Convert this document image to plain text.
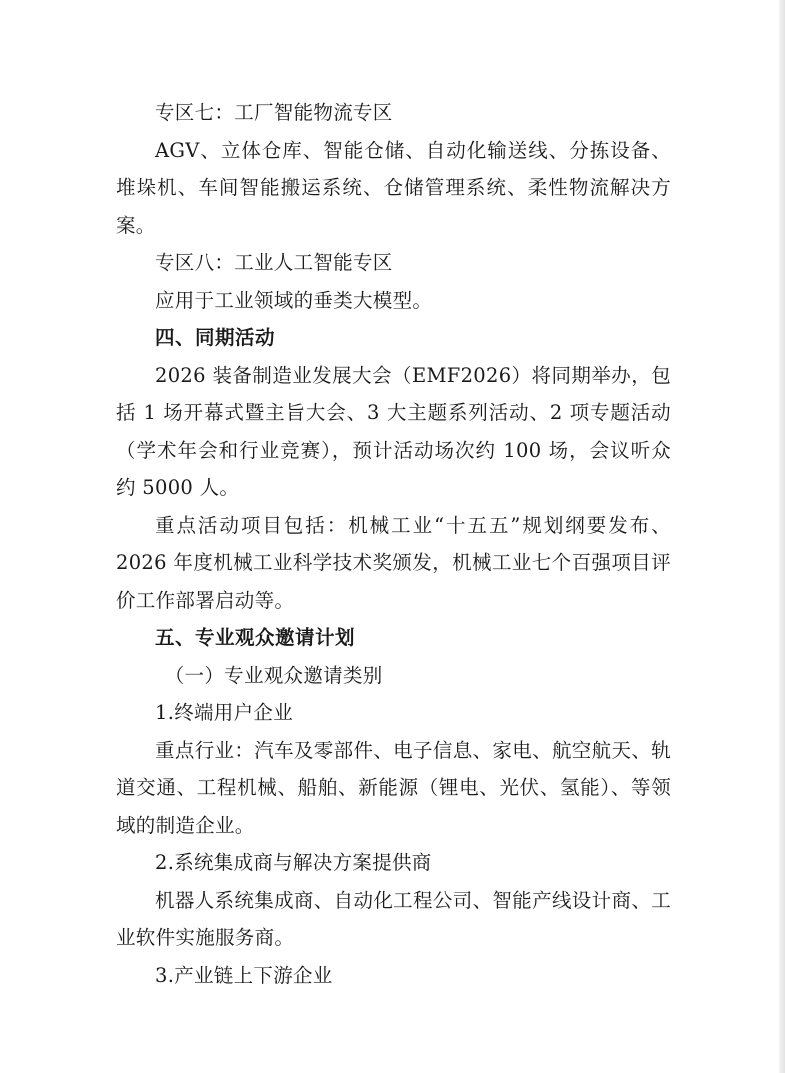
专区七：工厂智能物流专区

AGV、立体仓库、智能仓储、自动化输送线、分拣设备、堆垛机、车间智能搬运系统、仓储管理系统、柔性物流解决方案。

专区八：工业人工智能专区

应用于工业领域的垂类大模型。

四、同期活动

2026 装备制造业发展大会（EMF2026）将同期举办，包括 1 场开幕式暨主旨大会、3 大主题系列活动、2 项专题活动（学术年会和行业竞赛），预计活动场次约 100 场，会议听众约 5000 人。

重点活动项目包括：机械工业“十五五”规划纲要发布、2026 年度机械工业科学技术奖颁发，机械工业七个百强项目评价工作部署启动等。

五、专业观众邀请计划

（一）专业观众邀请类别

1.终端用户企业

重点行业：汽车及零部件、电子信息、家电、航空航天、轨道交通、工程机械、船舶、新能源（锂电、光伏、氢能）、等领域的制造企业。

2.系统集成商与解决方案提供商

机器人系统集成商、自动化工程公司、智能产线设计商、工业软件实施服务商。

3.产业链上下游企业
